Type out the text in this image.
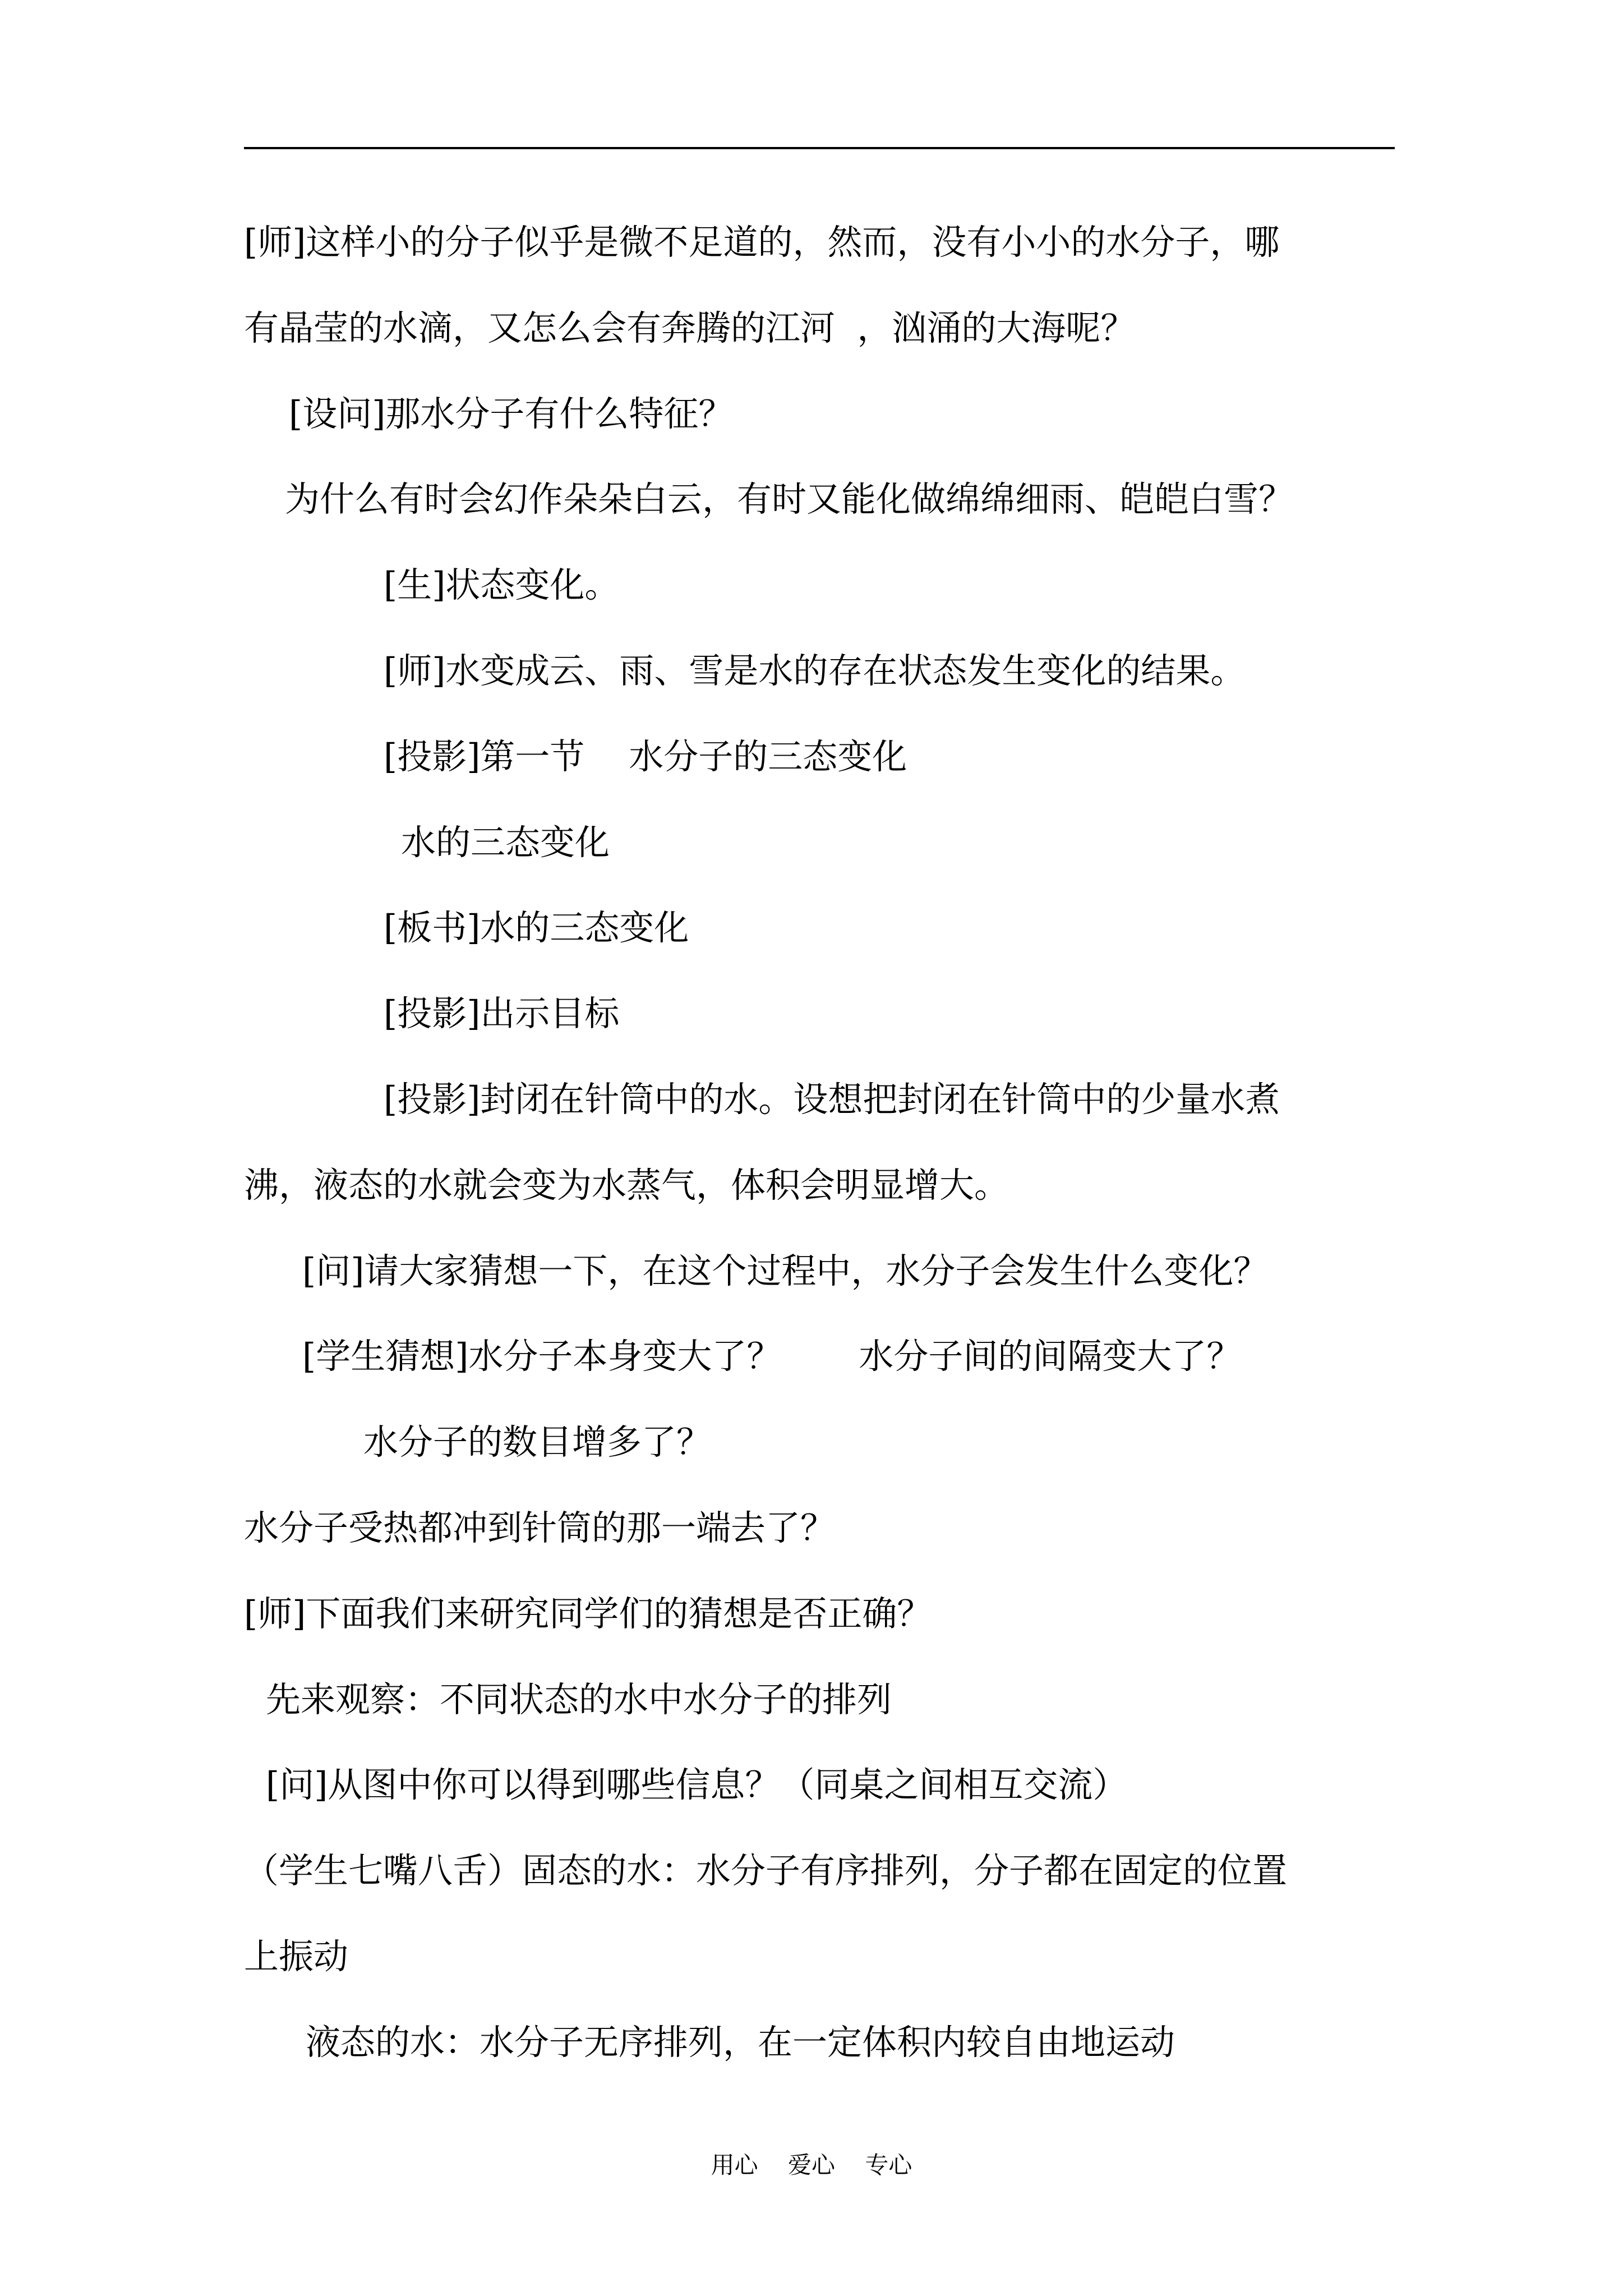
[师]这样小的分子似乎是微不足道的，然而，没有小小的水分子，哪
有晶莹的水滴，又怎么会有奔腾的江河  ，汹涌的大海呢？
[设问]那水分子有什么特征？
为什么有时会幻作朵朵白云，有时又能化做绵绵细雨、皑皑白雪？
[生]状态变化。
[师]水变成云、雨、雪是水的存在状态发生变化的结果。
[投影]第一节    水分子的三态变化
水的三态变化
[板书]水的三态变化
[投影]出示目标
[投影]封闭在针筒中的水。设想把封闭在针筒中的少量水煮
沸，液态的水就会变为水蒸气，体积会明显增大。
[问]请大家猜想一下，在这个过程中，水分子会发生什么变化？
[学生猜想]水分子本身变大了？       水分子间的间隔变大了？
水分子的数目增多了？
水分子受热都冲到针筒的那一端去了？
[师]下面我们来研究同学们的猜想是否正确？
先来观察：不同状态的水中水分子的排列
[问]从图中你可以得到哪些信息？（同桌之间相互交流）
（学生七嘴八舌）固态的水：水分子有序排列，分子都在固定的位置
上振动
液态的水：水分子无序排列，在一定体积内较自由地运动
用心    爱心    专心
